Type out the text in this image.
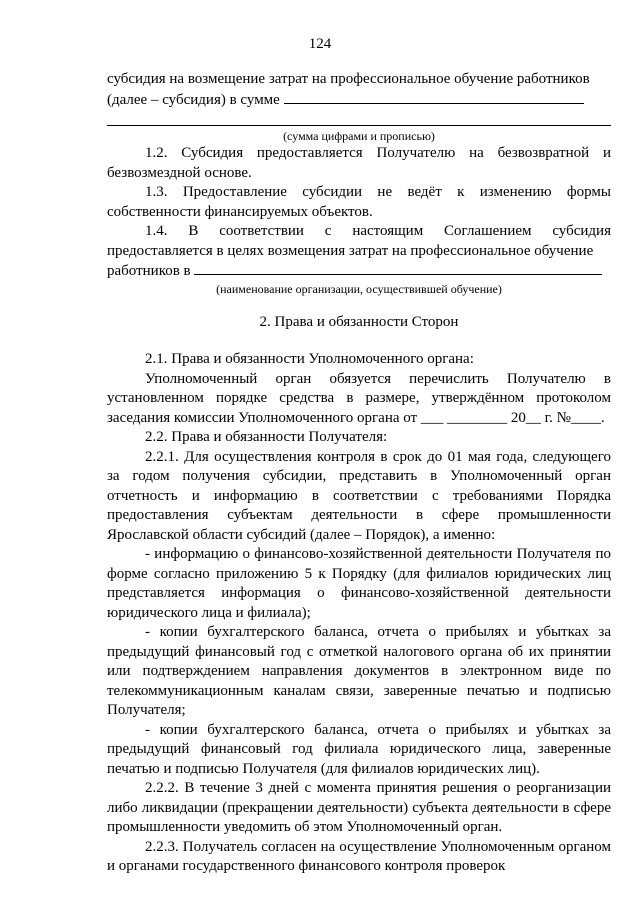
124

субсидия на возмещение затрат на профессиональное обучение работников

(далее – субсидия) в сумме

(сумма цифрами и прописью)

1.2. Субсидия предоставляется Получателю на безвозвратной и безвозмездной основе.

1.3. Предоставление субсидии не ведёт к изменению формы собственности финансируемых объектов.

1.4. В соответствии с настоящим Соглашением субсидия предоставляется в целях возмещения затрат на профессиональное обучение

работников в

(наименование организации, осуществившей обучение)

2. Права и обязанности Сторон

2.1. Права и обязанности Уполномоченного органа:

Уполномоченный орган обязуется перечислить Получателю в установленном порядке средства в размере, утверждённом протоколом заседания комиссии Уполномоченного органа от ___ ________ 20__ г. №____.

2.2. Права и обязанности Получателя:

2.2.1. Для осуществления контроля в срок до 01 мая года, следующего за годом получения субсидии, представить в Уполномоченный орган отчетность и информацию в соответствии с требованиями Порядка предоставления субъектам деятельности в сфере промышленности Ярославской области субсидий (далее – Порядок), а именно:

- информацию о финансово-хозяйственной деятельности Получателя по форме согласно приложению 5 к Порядку (для филиалов юридических лиц представляется информация о финансово-хозяйственной деятельности юридического лица и филиала);

- копии бухгалтерского баланса, отчета о прибылях и убытках за предыдущий финансовый год с отметкой налогового органа об их принятии или подтверждением направления документов в электронном виде по телекоммуникационным каналам связи, заверенные печатью и подписью Получателя;

- копии бухгалтерского баланса, отчета о прибылях и убытках за предыдущий финансовый год филиала юридического лица, заверенные печатью и подписью Получателя (для филиалов юридических лиц).

2.2.2. В течение 3 дней с момента принятия решения о реорганизации либо ликвидации (прекращении деятельности) субъекта деятельности в сфере промышленности уведомить об этом Уполномоченный орган.

2.2.3. Получатель согласен на осуществление Уполномоченным органом и органами государственного финансового контроля проверок
